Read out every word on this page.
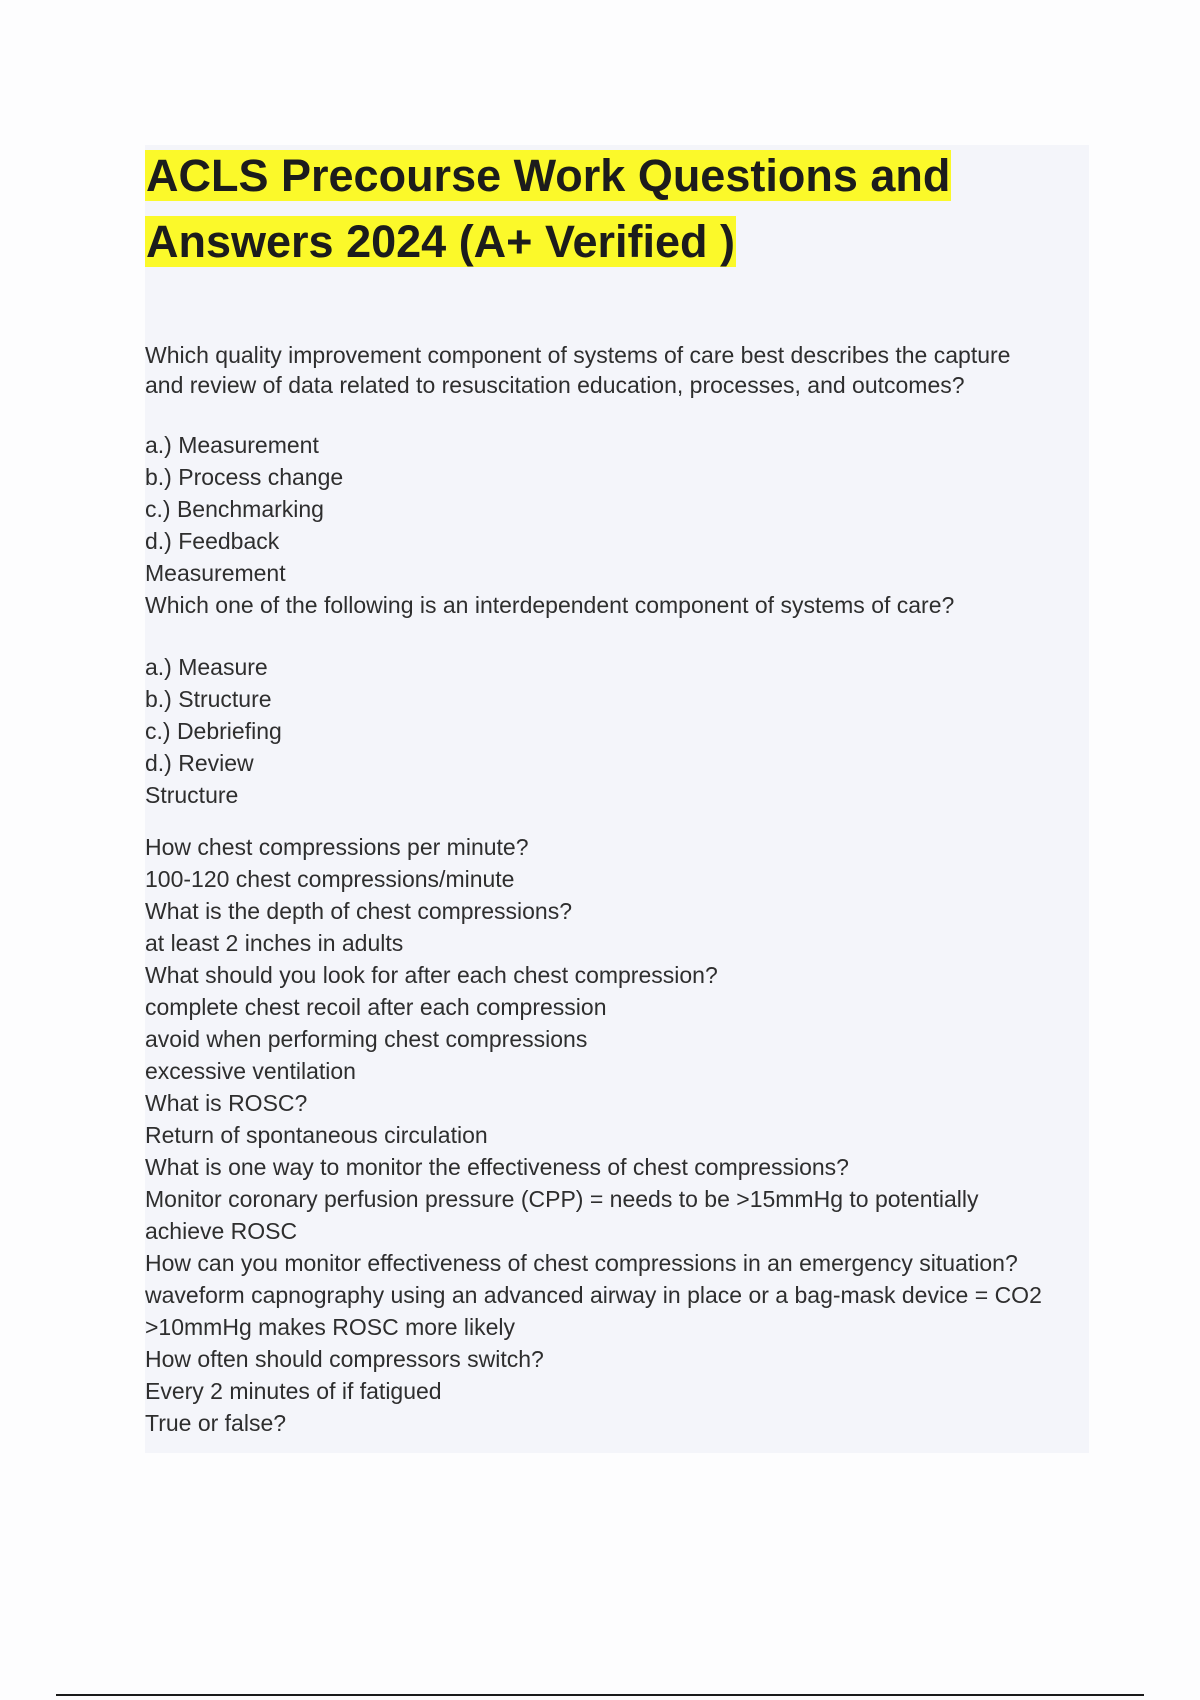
ACLS Precourse Work Questions and
Answers 2024 (A+ Verified )
Which quality improvement component of systems of care best describes the capture
and review of data related to resuscitation education, processes, and outcomes?
a.) Measurement
b.) Process change
c.) Benchmarking
d.) Feedback
Measurement
Which one of the following is an interdependent component of systems of care?
a.) Measure
b.) Structure
c.) Debriefing
d.) Review
Structure
How chest compressions per minute?
100-120 chest compressions/minute
What is the depth of chest compressions?
at least 2 inches in adults
What should you look for after each chest compression?
complete chest recoil after each compression
avoid when performing chest compressions
excessive ventilation
What is ROSC?
Return of spontaneous circulation
What is one way to monitor the effectiveness of chest compressions?
Monitor coronary perfusion pressure (CPP) = needs to be >15mmHg to potentially
achieve ROSC
How can you monitor effectiveness of chest compressions in an emergency situation?
waveform capnography using an advanced airway in place or a bag-mask device = CO2
>10mmHg makes ROSC more likely
How often should compressors switch?
Every 2 minutes of if fatigued
True or false?
